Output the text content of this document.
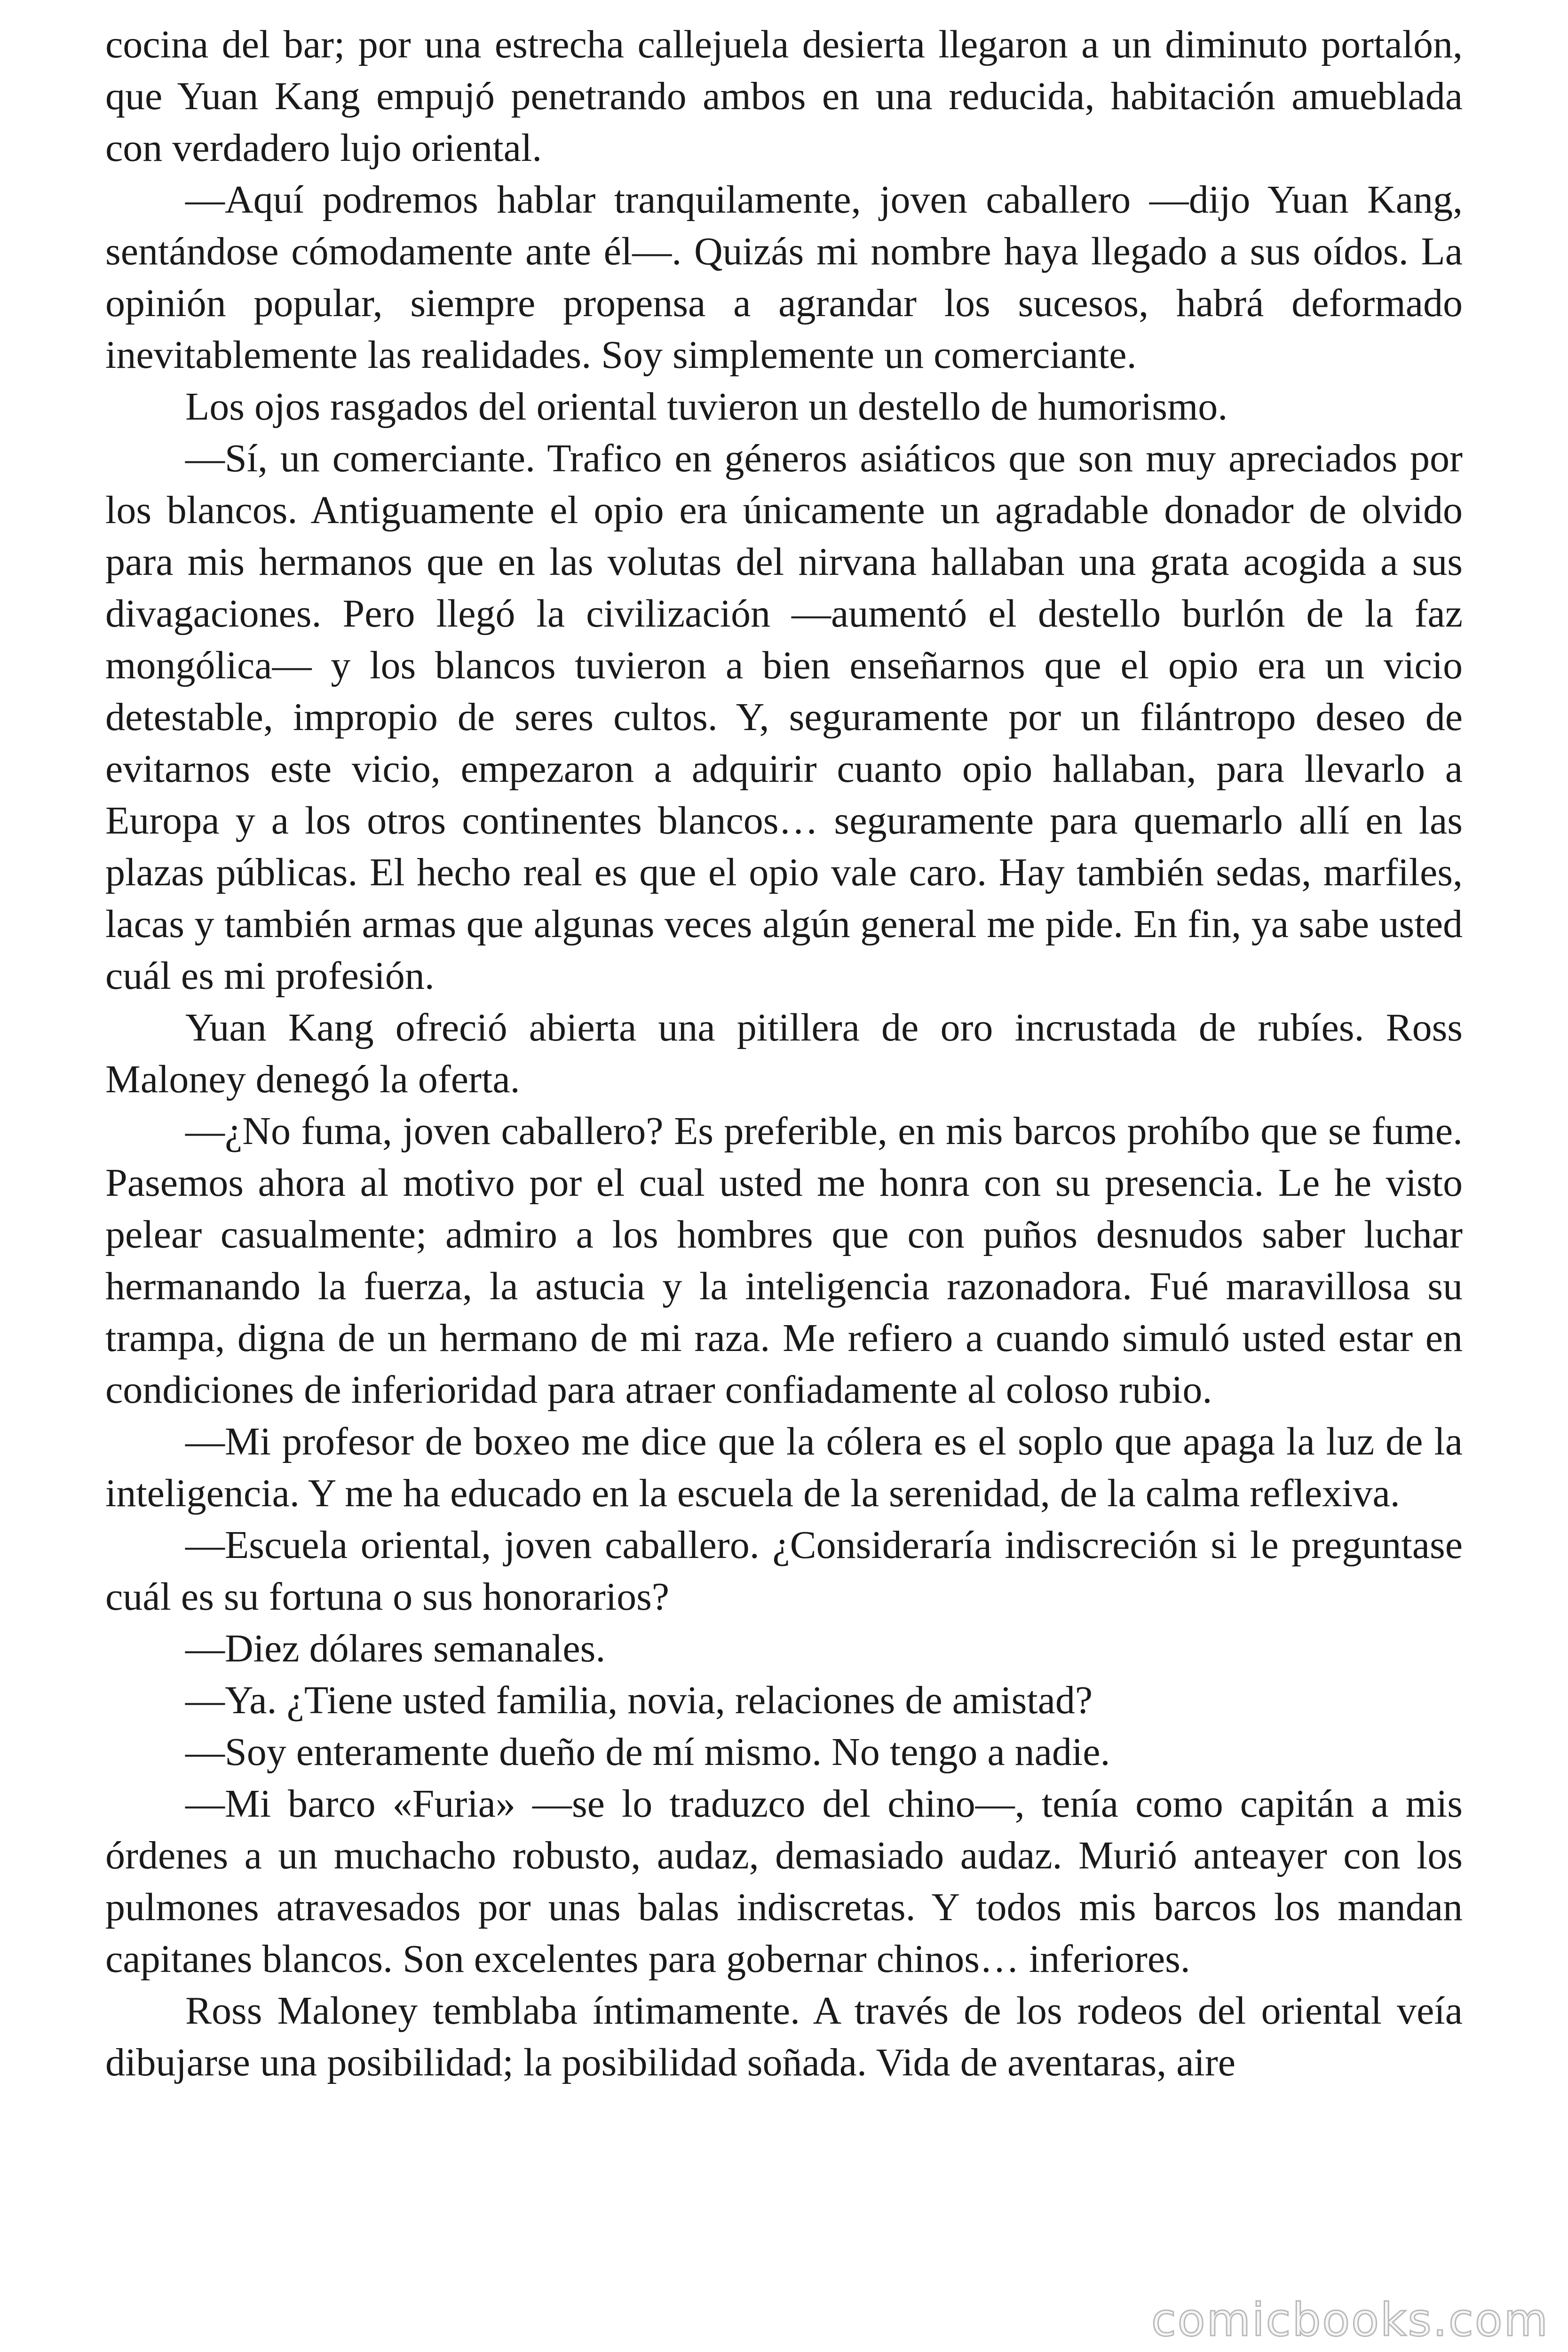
cocina del bar; por una estrecha callejuela desierta llegaron a un diminuto portalón, que Yuan Kang empujó penetrando ambos en una reducida, habitación amueblada con verdadero lujo oriental.

—Aquí podremos hablar tranquilamente, joven caballero —dijo Yuan Kang, sentándose cómodamente ante él—. Quizás mi nombre haya llegado a sus oídos. La opinión popular, siempre propensa a agrandar los sucesos, habrá deformado inevitablemente las realidades. Soy simplemente un comerciante.

Los ojos rasgados del oriental tuvieron un destello de humorismo.

—Sí, un comerciante. Trafico en géneros asiáticos que son muy apreciados por los blancos. Antiguamente el opio era únicamente un agradable donador de olvido para mis hermanos que en las volutas del nirvana hallaban una grata acogida a sus divagaciones. Pero llegó la civilización —aumentó el destello burlón de la faz mongólica— y los blancos tuvieron a bien enseñarnos que el opio era un vicio detestable, impropio de seres cultos. Y, seguramente por un filántropo deseo de evitarnos este vicio, empezaron a adquirir cuanto opio hallaban, para llevarlo a Europa y a los otros continentes blancos… seguramente para quemarlo allí en las plazas públicas. El hecho real es que el opio vale caro. Hay también sedas, marfiles, lacas y también armas que algunas veces algún general me pide. En fin, ya sabe usted cuál es mi profesión.

Yuan Kang ofreció abierta una pitillera de oro incrustada de rubíes. Ross Maloney denegó la oferta.

—¿No fuma, joven caballero? Es preferible, en mis barcos prohíbo que se fume. Pasemos ahora al motivo por el cual usted me honra con su presencia. Le he visto pelear casualmente; admiro a los hombres que con puños desnudos saber luchar hermanando la fuerza, la astucia y la inteligencia razonadora. Fué maravillosa su trampa, digna de un hermano de mi raza. Me refiero a cuando simuló usted estar en condiciones de inferioridad para atraer confiadamente al coloso rubio.

—Mi profesor de boxeo me dice que la cólera es el soplo que apaga la luz de la inteligencia. Y me ha educado en la escuela de la serenidad, de la calma reflexiva.

—Escuela oriental, joven caballero. ¿Consideraría indiscreción si le preguntase cuál es su fortuna o sus honorarios?

—Diez dólares semanales.

—Ya. ¿Tiene usted familia, novia, relaciones de amistad?

—Soy enteramente dueño de mí mismo. No tengo a nadie.

—Mi barco «Furia» —se lo traduzco del chino—, tenía como capitán a mis órdenes a un muchacho robusto, audaz, demasiado audaz. Murió anteayer con los pulmones atravesados por unas balas indiscretas. Y todos mis barcos los mandan capitanes blancos. Son excelentes para gobernar chinos… inferiores.

Ross Maloney temblaba íntimamente. A través de los rodeos del oriental veía dibujarse una posibilidad; la posibilidad soñada. Vida de aventaras, aire

comicbooks.com
